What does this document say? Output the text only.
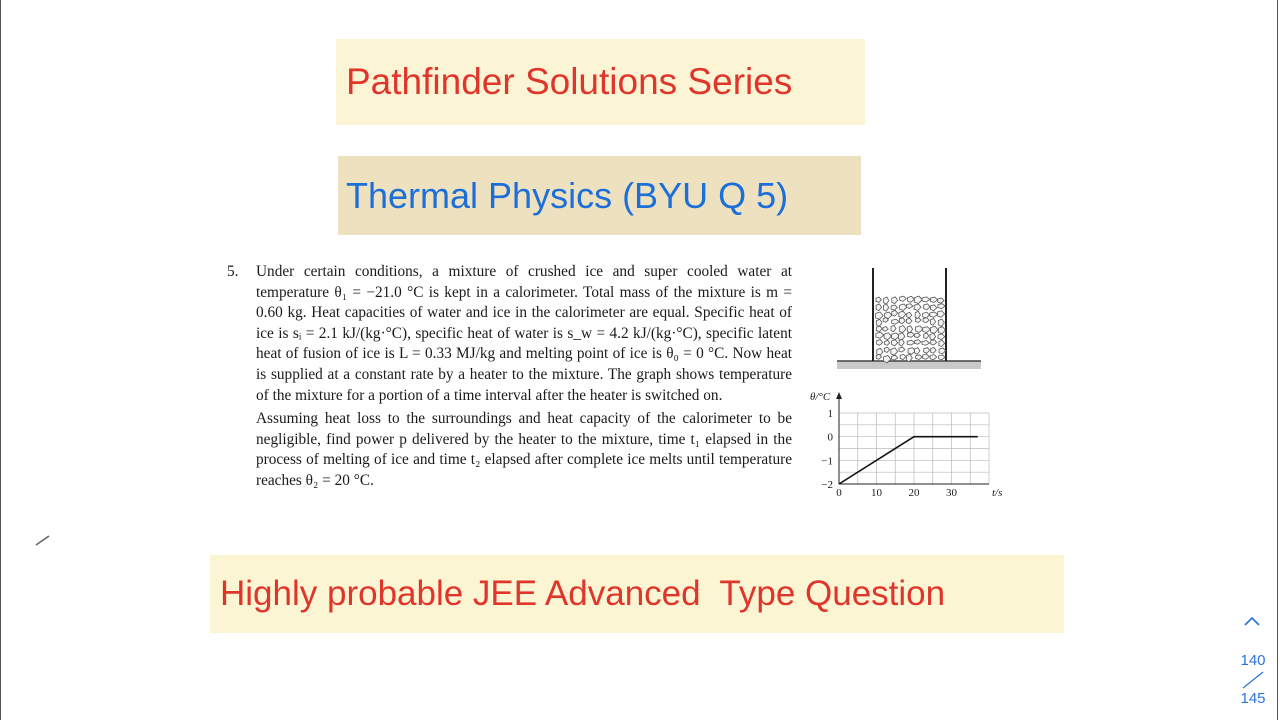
Pathfinder Solutions Series
Thermal Physics (BYU Q 5)
5. Under certain conditions, a mixture of crushed ice and super cooled water at temperature θ₁ = −21.0 °C is kept in a calorimeter. Total mass of the mixture is m = 0.60 kg. Heat capacities of water and ice in the calorimeter are equal. Specific heat of ice is sᵢ = 2.1 kJ/(kg·°C), specific heat of water is s_w = 4.2 kJ/(kg·°C), specific latent heat of fusion of ice is L = 0.33 MJ/kg and melting point of ice is θ₀ = 0 °C. Now heat is supplied at a constant rate by a heater to the mixture. The graph shows temperature of the mixture for a portion of a time interval after the heater is switched on.
Assuming heat loss to the surroundings and heat capacity of the calorimeter to be negligible, find power p delivered by the heater to the mixture, time t₁ elapsed in the process of melting of ice and time t₂ elapsed after complete ice melts until temperature reaches θ₂ = 20 °C.
0	10 20 30
1
0
−1
−2
θ/°C
t/s
Highly probable JEE Advanced  Type Question
140
145
